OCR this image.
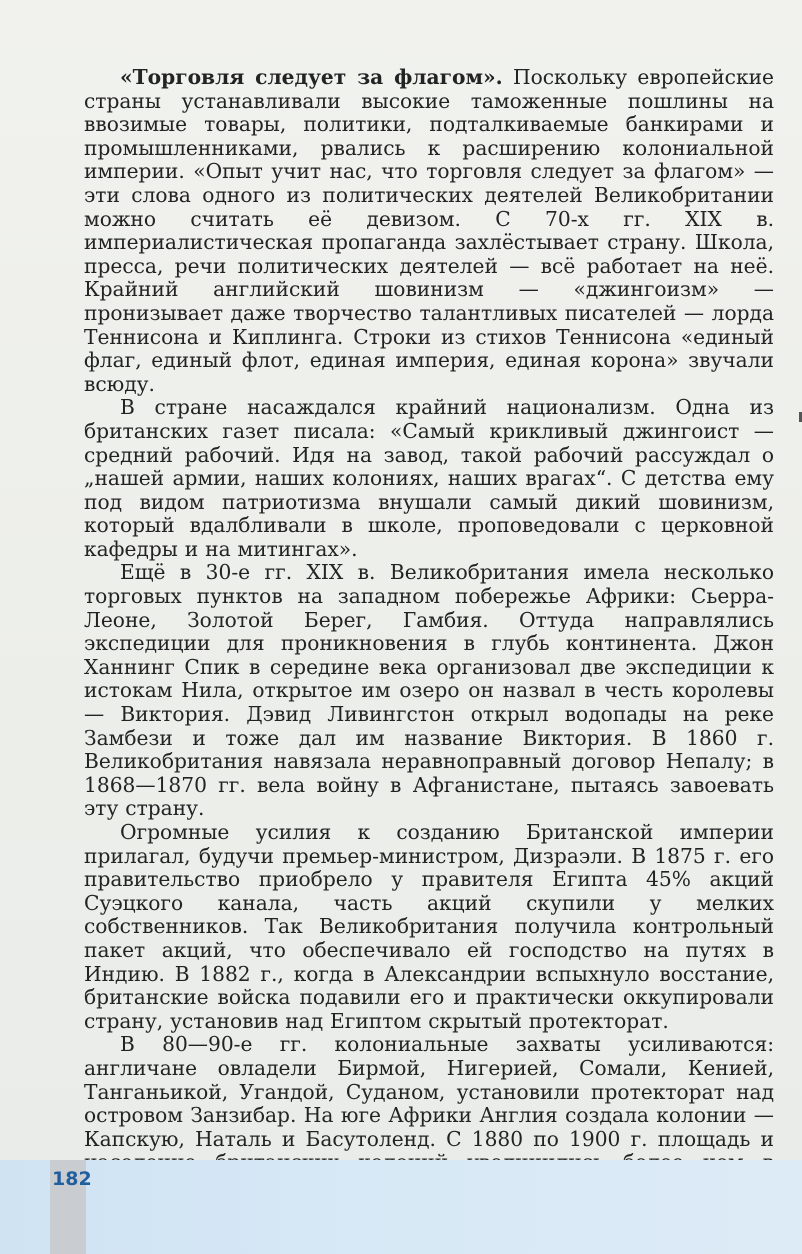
«Торговля следует за флагом». Поскольку европейские страны устанавливали высокие таможенные пошлины на ввозимые товары, политики, подталкиваемые банкирами и промышленниками, рвались к расширению колониальной империи. «Опыт учит нас, что торговля следует за флагом» — эти слова одного из политических деятелей Великобритании можно считать её девизом. С 70-х гг. XIX в. империалистическая пропаганда захлёстывает страну. Школа, пресса, речи политических деятелей — всё работает на неё. Крайний английский шовинизм — «джингоизм» — пронизывает даже творчество талантливых писателей — лорда Теннисона и Киплинга. Строки из стихов Теннисона «единый флаг, единый флот, единая империя, единая корона» звучали всюду.

В стране насаждался крайний национализм. Одна из британских газет писала: «Самый крикливый джингоист — средний рабочий. Идя на завод, такой рабочий рассуждал о „нашей армии, наших колониях, наших врагах“. С детства ему под видом патриотизма внушали самый дикий шовинизм, который вдалбливали в школе, проповедовали с церковной кафедры и на митингах».

Ещё в 30-е гг. XIX в. Великобритания имела несколько торговых пунктов на западном побережье Африки: Сьерра-Леоне, Золотой Берег, Гамбия. Оттуда направлялись экспедиции для проникновения в глубь континента. Джон Ханнинг Спик в середине века организовал две экспедиции к истокам Нила, открытое им озеро он назвал в честь королевы — Виктория. Дэвид Ливингстон открыл водопады на реке Замбези и тоже дал им название Виктория. В 1860 г. Великобритания навязала неравноправный договор Непалу; в 1868—1870 гг. вела войну в Афганистане, пытаясь завоевать эту страну.

Огромные усилия к созданию Британской империи прилагал, будучи премьер-министром, Дизраэли. В 1875 г. его правительство приобрело у правителя Египта 45% акций Суэцкого канала, часть акций скупили у мелких собственников. Так Великобритания получила контрольный пакет акций, что обеспечивало ей господство на путях в Индию. В 1882 г., когда в Александрии вспыхнуло восстание, британские войска подавили его и практически оккупировали страну, установив над Египтом скрытый протекторат.

В 80—90-е гг. колониальные захваты усиливаются: англичане овладели Бирмой, Нигерией, Сомали, Кенией, Танганьикой, Угандой, Суданом, установили протекторат над островом Занзибар. На юге Африки Англия создала колонии — Капскую, Наталь и Басутоленд. С 1880 по 1900 г. площадь и

182
